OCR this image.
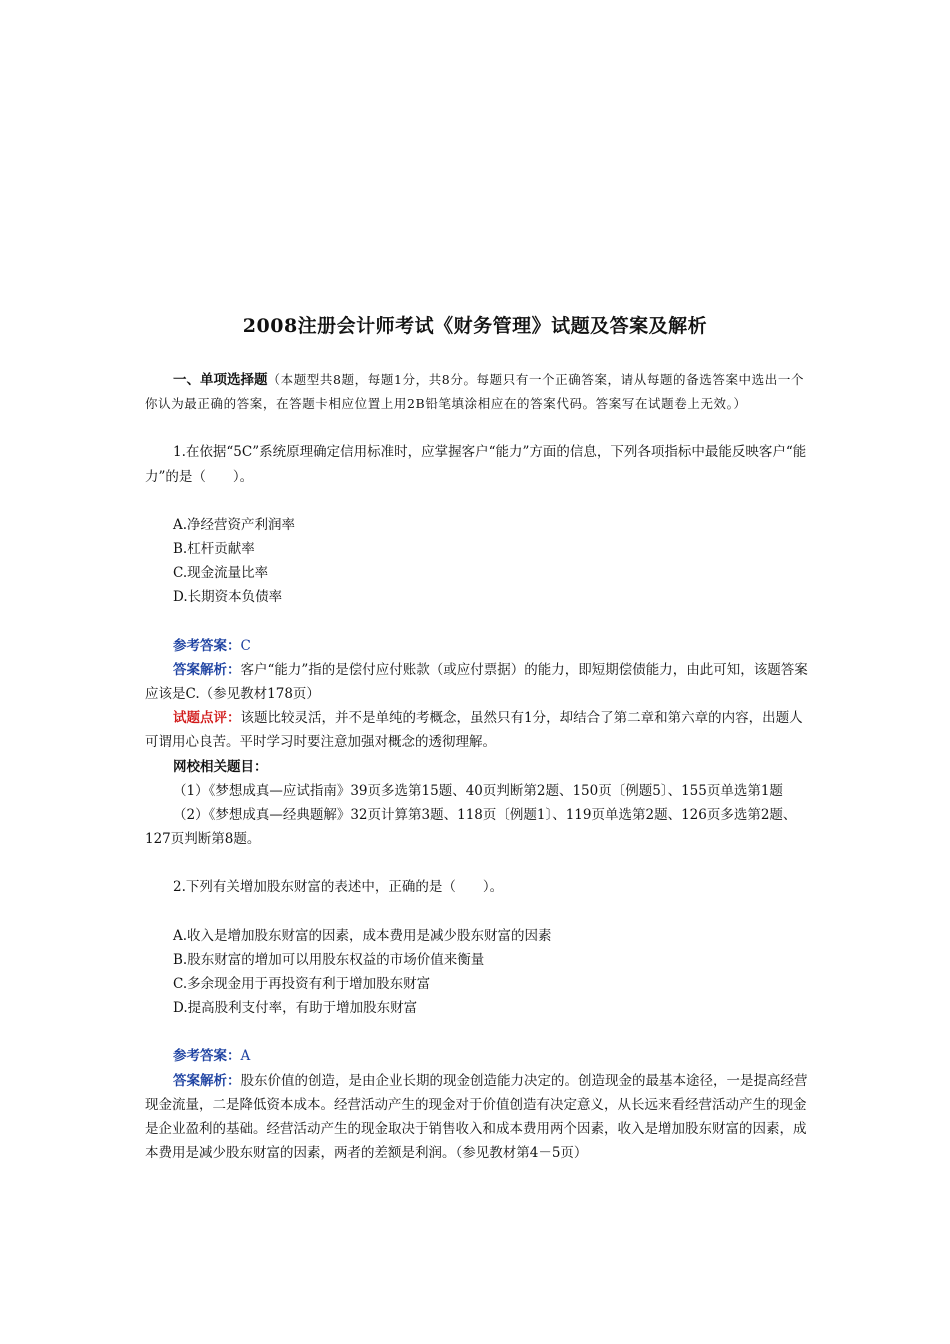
2008注册会计师考试《财务管理》试题及答案及解析

一、单项选择题（本题型共8题，每题1分，共8分。每题只有一个正确答案，请从每题的备选答案中选出一个你认为最正确的答案，在答题卡相应位置上用2B铅笔填涂相应在的答案代码。答案写在试题卷上无效。）

1.在依据“5C”系统原理确定信用标准时，应掌握客户“能力”方面的信息，下列各项指标中最能反映客户“能力”的是（　　）。

A.净经营资产利润率

B.杠杆贡献率

C.现金流量比率

D.长期资本负债率

参考答案：C

答案解析：客户“能力”指的是偿付应付账款（或应付票据）的能力，即短期偿债能力，由此可知，该题答案应该是C.（参见教材178页）

试题点评：该题比较灵活，并不是单纯的考概念，虽然只有1分，却结合了第二章和第六章的内容，出题人可谓用心良苦。平时学习时要注意加强对概念的透彻理解。

网校相关题目：

（1）《梦想成真—应试指南》39页多选第15题、40页判断第2题、150页〔例题5〕、155页单选第1题

（2）《梦想成真—经典题解》32页计算第3题、118页〔例题1〕、119页单选第2题、126页多选第2题、127页判断第8题。

2.下列有关增加股东财富的表述中，正确的是（　　）。

A.收入是增加股东财富的因素，成本费用是减少股东财富的因素

B.股东财富的增加可以用股东权益的市场价值来衡量

C.多余现金用于再投资有利于增加股东财富

D.提高股利支付率，有助于增加股东财富

参考答案：A

答案解析：股东价值的创造，是由企业长期的现金创造能力决定的。创造现金的最基本途径，一是提高经营现金流量，二是降低资本成本。经营活动产生的现金对于价值创造有决定意义，从长远来看经营活动产生的现金是企业盈利的基础。经营活动产生的现金取决于销售收入和成本费用两个因素，收入是增加股东财富的因素，成本费用是减少股东财富的因素，两者的差额是利润。（参见教材第4－5页）
